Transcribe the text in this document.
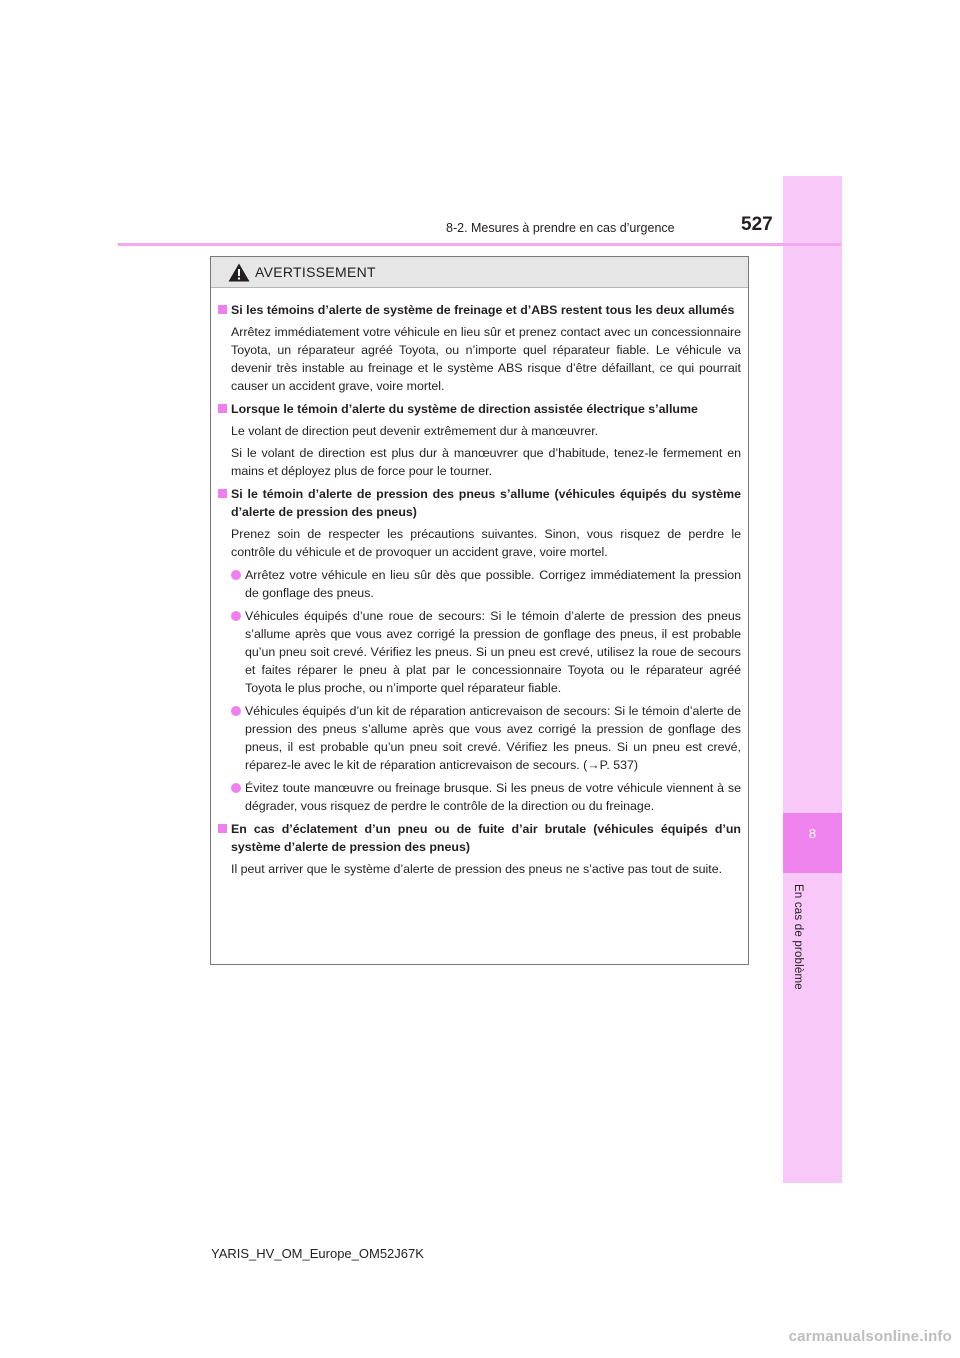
8
En cas de problème
8-2. Mesures à prendre en cas d’urgence	527
AVERTISSEMENT
Si les témoins d’alerte de système de freinage et d’ABS restent tous les deux allumés
Arrêtez immédiatement votre véhicule en lieu sûr et prenez contact avec un concessionnaire Toyota, un réparateur agréé Toyota, ou n’importe quel réparateur fiable. Le véhicule va devenir très instable au freinage et le système ABS risque d’être défaillant, ce qui pourrait causer un accident grave, voire mortel.
Lorsque le témoin d’alerte du système de direction assistée électrique s’allume
Le volant de direction peut devenir extrêmement dur à manœuvrer.
Si le volant de direction est plus dur à manœuvrer que d’habitude, tenez-le fermement en mains et déployez plus de force pour le tourner.
Si le témoin d’alerte de pression des pneus s’allume (véhicules équipés du système d’alerte de pression des pneus)
Prenez soin de respecter les précautions suivantes. Sinon, vous risquez de perdre le contrôle du véhicule et de provoquer un accident grave, voire mortel.
Arrêtez votre véhicule en lieu sûr dès que possible. Corrigez immédiatement la pression de gonflage des pneus.
Véhicules équipés d’une roue de secours: Si le témoin d’alerte de pression des pneus s’allume après que vous avez corrigé la pression de gonflage des pneus, il est probable qu’un pneu soit crevé. Vérifiez les pneus. Si un pneu est crevé, utilisez la roue de secours et faites réparer le pneu à plat par le concessionnaire Toyota ou le réparateur agréé Toyota le plus proche, ou n’importe quel réparateur fiable.
Véhicules équipés d’un kit de réparation anticrevaison de secours: Si le témoin d’alerte de pression des pneus s’allume après que vous avez corrigé la pression de gonflage des pneus, il est probable qu’un pneu soit crevé. Vérifiez les pneus. Si un pneu est crevé, réparez-le avec le kit de réparation anticrevaison de secours. (→P. 537)
Évitez toute manœuvre ou freinage brusque. Si les pneus de votre véhicule viennent à se dégrader, vous risquez de perdre le contrôle de la direction ou du freinage.
En cas d’éclatement d’un pneu ou de fuite d’air brutale (véhicules équipés d’un système d’alerte de pression des pneus)
Il peut arriver que le système d’alerte de pression des pneus ne s’active pas tout de suite.
YARIS_HV_OM_Europe_OM52J67K
carmanualsonline.info
